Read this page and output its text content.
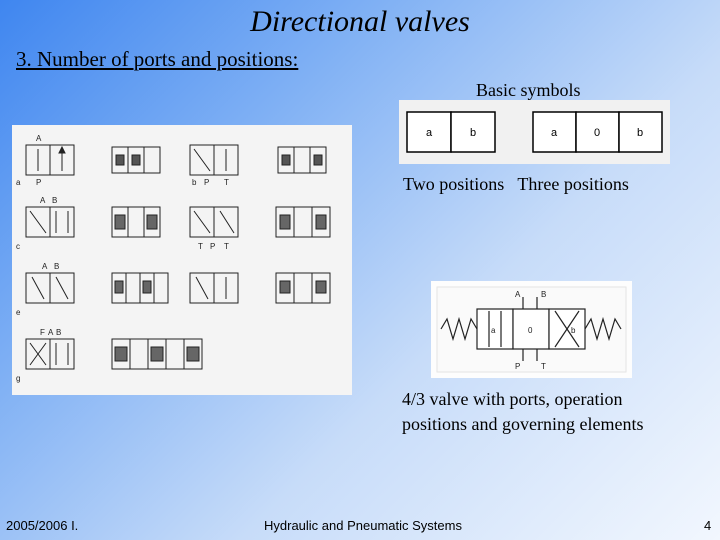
Directional valves
3. Number of ports and positions:
Basic symbols
a	b	a	0	b
Two positions   Three positions
a
c
e
g
A
P
A B
b P T
A B
F A B
T P T
A	B
P	T
a	0	b
4/3 valve with ports, operation
positions and governing elements
2005/2006 I.	Hydraulic and Pneumatic Systems	4
